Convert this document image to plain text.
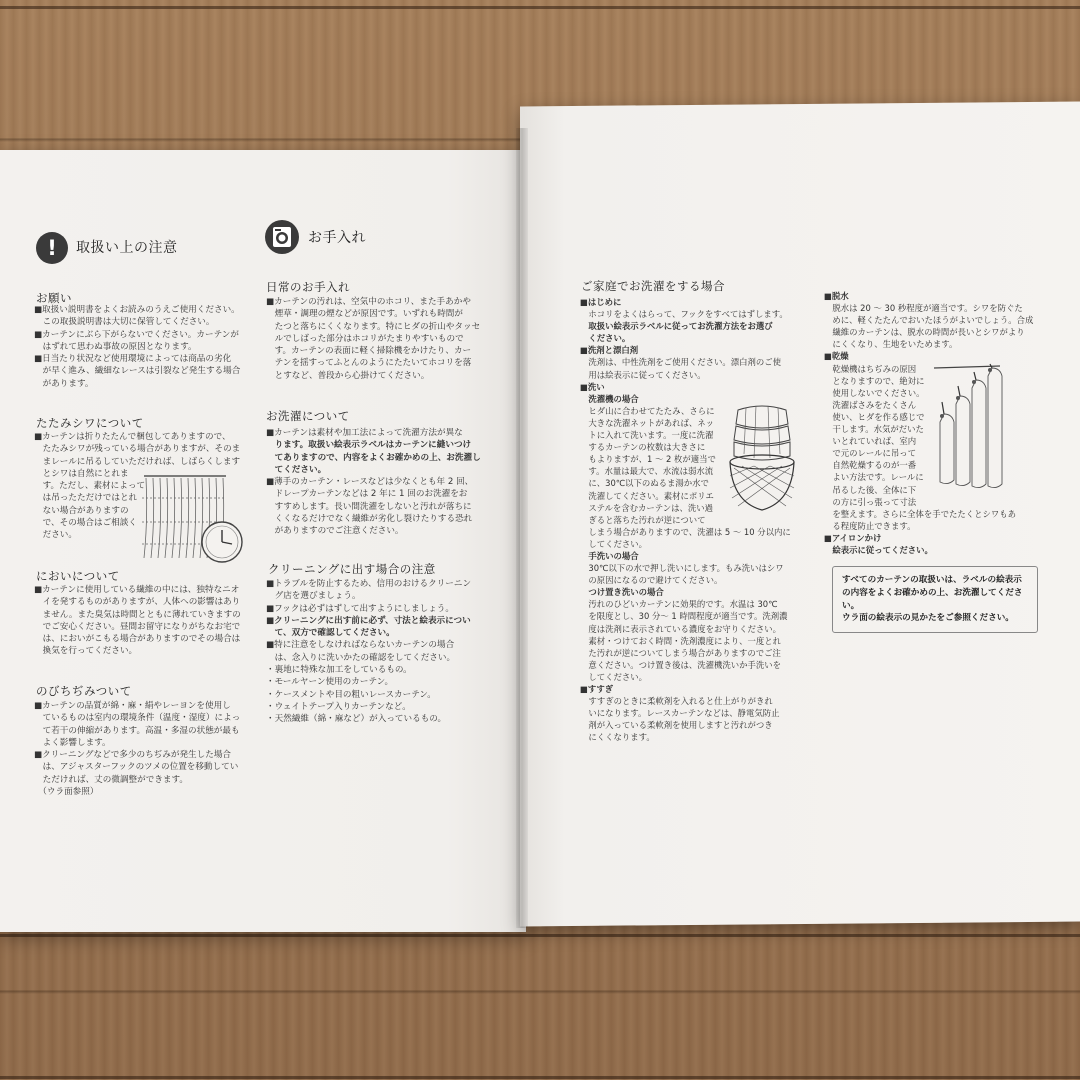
!	取扱い上の注意
お手入れ
お願い

■取扱い説明書をよくお読みのうえご使用ください。

　この取扱説明書は大切に保管してください。

■カーテンにぶら下がらないでください。カーテンが

　はずれて思わぬ事故の原因となります。

■日当たり状況など使用環境によっては商品の劣化

　が早く進み、繊細なレースは引裂など発生する場合

　があります。

たたみシワについて

■カーテンは折りたたんで梱包してありますので、

　たたみシワが残っている場合がありますが、そのま

　まレールに吊るしていただければ、しばらくします

　とシワは自然にとれま

　す。ただし、素材によって

　は吊ったただけではとれ

　ない場合がありますの

　で、その場合はご相談く

　ださい。

においについて

■カーテンに使用している繊維の中には、独特なニオ

　イを発するものがありますが、人体への影響はあり

　ません。また臭気は時間とともに薄れていきますの

　でご安心ください。昼間お留守になりがちなお宅で

　は、においがこもる場合がありますのでその場合は

　換気を行ってください。

のびちぢみついて

■カーテンの品質が綿・麻・絹やレーヨンを使用し

　ているものは室内の環境条件（温度・湿度）によっ

　て若干の伸縮があります。高温・多湿の状態が最も

　よく影響します。

■クリーニングなどで多少のちぢみが発生した場合

　は、アジャスターフックのツメの位置を移動してい

　ただければ、丈の微調整ができます。

　（ウラ面参照）

日常のお手入れ

■カーテンの汚れは、空気中のホコリ、また手あかや

　煙草・調理の煙などが原因です。いずれも時間が

　たつと落ちにくくなります。特にヒダの折山やタッセ

　ルでしばった部分はホコリがたまりやすいもので

　す。カーテンの表面に軽く掃除機をかけたり、カー

　テンを揺すってふとんのようにたたいてホコリを落

　とすなど、普段から心掛けてください。

お洗濯について

■カーテンは素材や加工法によって洗濯方法が異な

　ります。取扱い絵表示ラベルはカーテンに縫いつけ

　てありますので、内容をよくお確かめの上、お洗濯し

　てください。

■薄手のカーテン・レースなどは少なくとも年 2 回、

　ドレープカーテンなどは 2 年に 1 回のお洗濯をお

　すすめします。長い間洗濯をしないと汚れが落ちに

　くくなるだけでなく繊維が劣化し裂けたりする恐れ

　がありますのでご注意ください。

クリーニングに出す場合の注意

■トラブルを防止するため、信用のおけるクリーニン

　グ店を選びましょう。

■フックは必ずはずして出すようにしましょう。

■クリーニングに出す前に必ず、寸法と絵表示につい

　て、双方で確認してください。

■特に注意をしなければならないカーテンの場合

　は、念入りに洗いかたの確認をしてください。

・裏地に特殊な加工をしているもの。

・モールヤーン使用のカーテン。

・ケースメントや目の粗いレースカーテン。

・ウェイトテープ入りカーテンなど。

・天然繊維（綿・麻など）が入っているもの。

ご家庭でお洗濯をする場合

■はじめに

　ホコリをよくはらって、フックをすべてはずします。

　取扱い絵表示ラベルに従ってお洗濯方法をお選び

　ください。

■洗剤と漂白剤

　洗剤は、中性洗剤をご使用ください。漂白剤のご使

　用は絵表示に従ってください。

■洗い

　洗濯機の場合

　ヒダ山に合わせてたたみ、さらに

　大きな洗濯ネットがあれば、ネッ

　トに入れて洗います。一度に洗濯

　するカーテンの枚数は大きさに

　もよりますが、1 ～ 2 枚が適当で

　す。水量は最大で、水流は弱水流

　に、30℃以下のぬるま湯か水で

　洗濯してください。素材にポリエ

　ステルを含むカーテンは、洗い過

　ぎると落ちた汚れが逆について

　しまう場合がありますので、洗濯は 5 ～ 10 分以内に

　してください。

　手洗いの場合

　30℃以下の水で押し洗いにします。もみ洗いはシワ

　の原因になるので避けてください。

　つけ置き洗いの場合

　汚れのひどいカーテンに効果的です。水温は 30℃

　を限度とし、30 分～ 1 時間程度が適当です。洗剤濃

　度は洗剤に表示されている濃度をお守りください。

　素材・つけておく時間・洗剤濃度により、一度とれ

　た汚れが逆についてしまう場合がありますのでご注

　意ください。つけ置き後は、洗濯機洗いか手洗いを

　してください。

■すすぎ

　すすぎのときに柔軟剤を入れると仕上がりがきれ

　いになります。レースカーテンなどは、静電気防止

　剤が入っている柔軟剤を使用しますと汚れがつき

　にくくなります。

■脱水

　脱水は 20 ～ 30 秒程度が適当です。シワを防ぐた

　めに、軽くたたんでおいたほうがよいでしょう。合成

　繊維のカーテンは、脱水の時間が長いとシワがより

　にくくなり、生地をいためます。

■乾燥

　乾燥機はちぢみの原因

　となりますので、絶対に

　使用しないでください。

　洗濯ばさみをたくさん

　使い、ヒダを作る感じで

　干します。水気がだいた

　いとれていれば、室内

　で元のレールに吊って

　自然乾燥するのが一番

　よい方法です。レールに

　吊るした後、全体に下

　の方に引っ張って寸法

　を整えます。さらに全体を手でたたくとシワもあ

　る程度防止できます。

■アイロンかけ

　絵表示に従ってください。

すべてのカーテンの取扱いは、ラベルの絵表示

の内容をよくお確かめの上、お洗濯してください。

ウラ面の絵表示の見かたをご参照ください。
